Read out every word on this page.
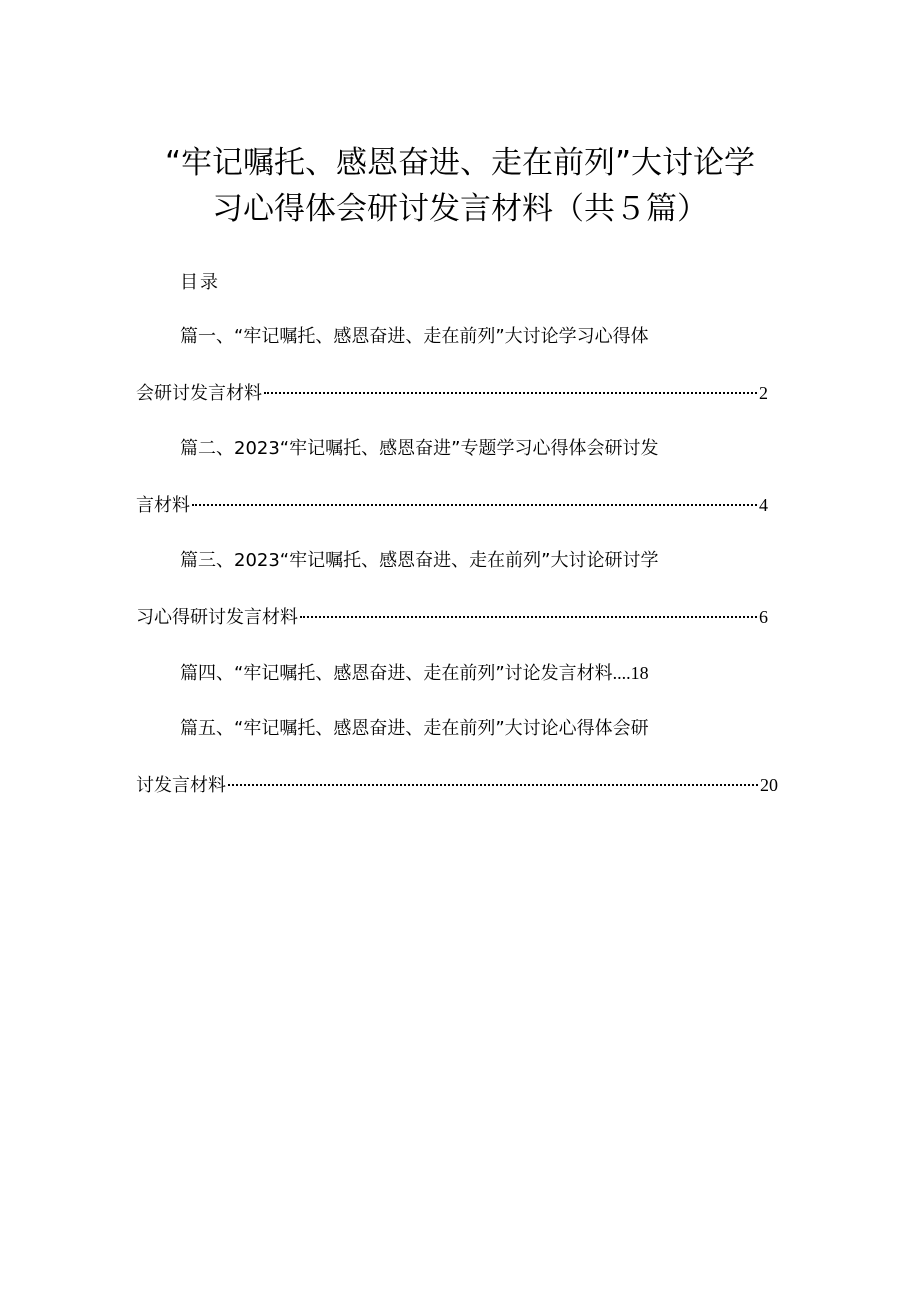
“牢记嘱托、感恩奋进、走在前列”大讨论学
习心得体会研讨发言材料（共５篇）
目录
篇一、“牢记嘱托、感恩奋进、走在前列”大讨论学习心得体
会研讨发言材料	2
篇二、2023“牢记嘱托、感恩奋进”专题学习心得体会研讨发
言材料	4
篇三、2023“牢记嘱托、感恩奋进、走在前列”大讨论研讨学
习心得研讨发言材料	6
篇四、“牢记嘱托、感恩奋进、走在前列”讨论发言材料....18
篇五、“牢记嘱托、感恩奋进、走在前列”大讨论心得体会研
讨发言材料	20
